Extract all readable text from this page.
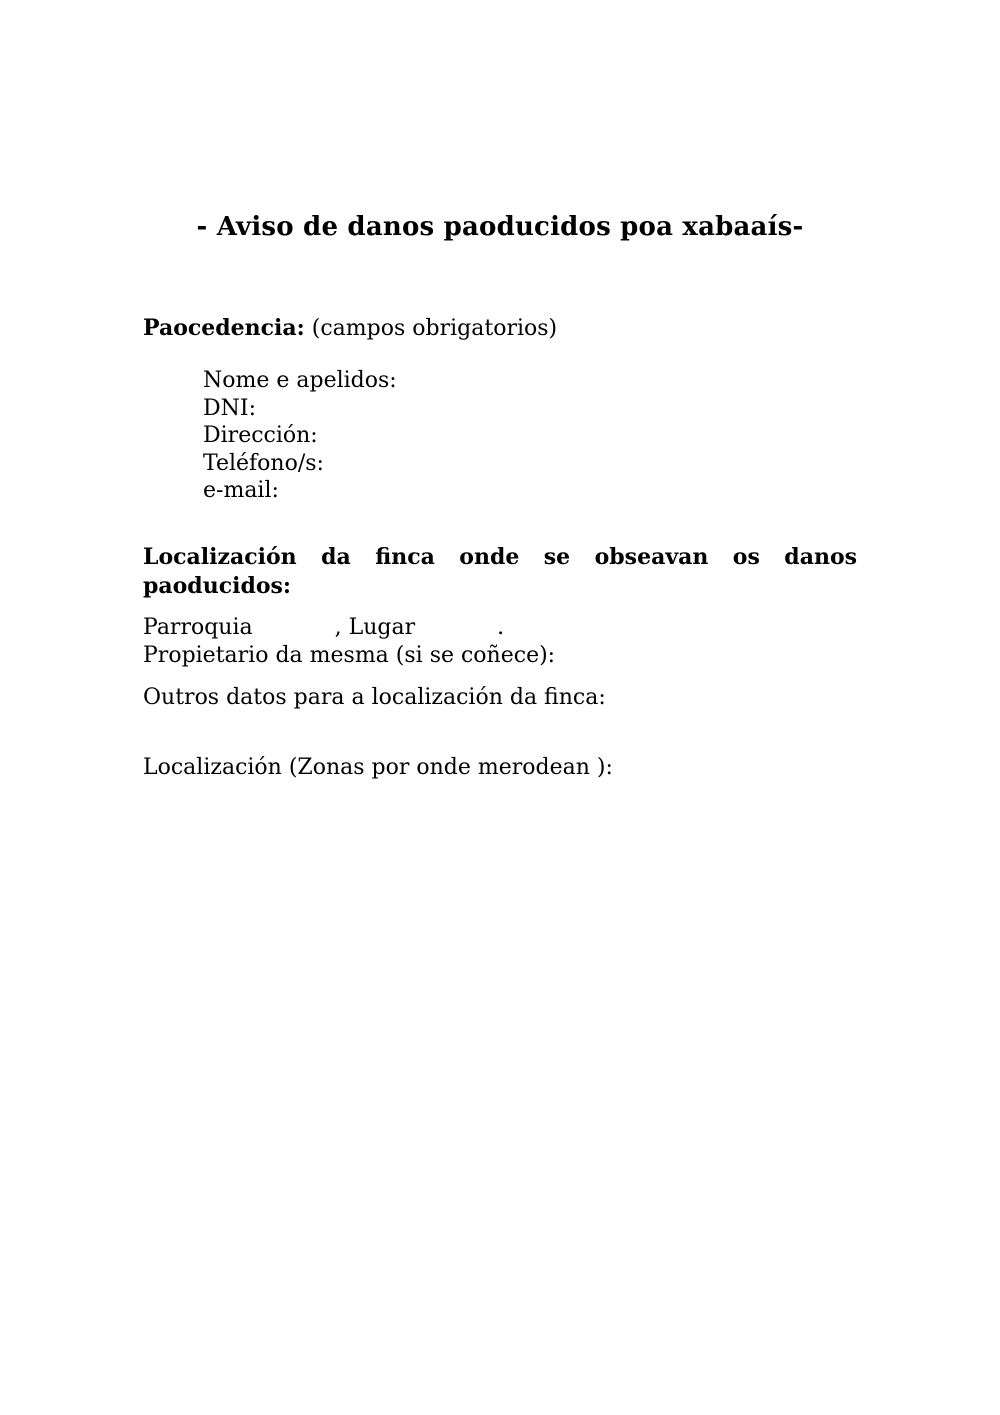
- Aviso de danos paoducidos poa xabaaís-
Paocedencia: (campos obrigatorios)
Nome e apelidos:
DNI:
Dirección:
Teléfono/s:
e-mail:
Localización da finca onde se obseavan os danos paoducidos:
Parroquia	, Lugar	.
Propietario da mesma (si se coñece):
Outros datos para a localización da finca:
Localización (Zonas por onde merodean ):
